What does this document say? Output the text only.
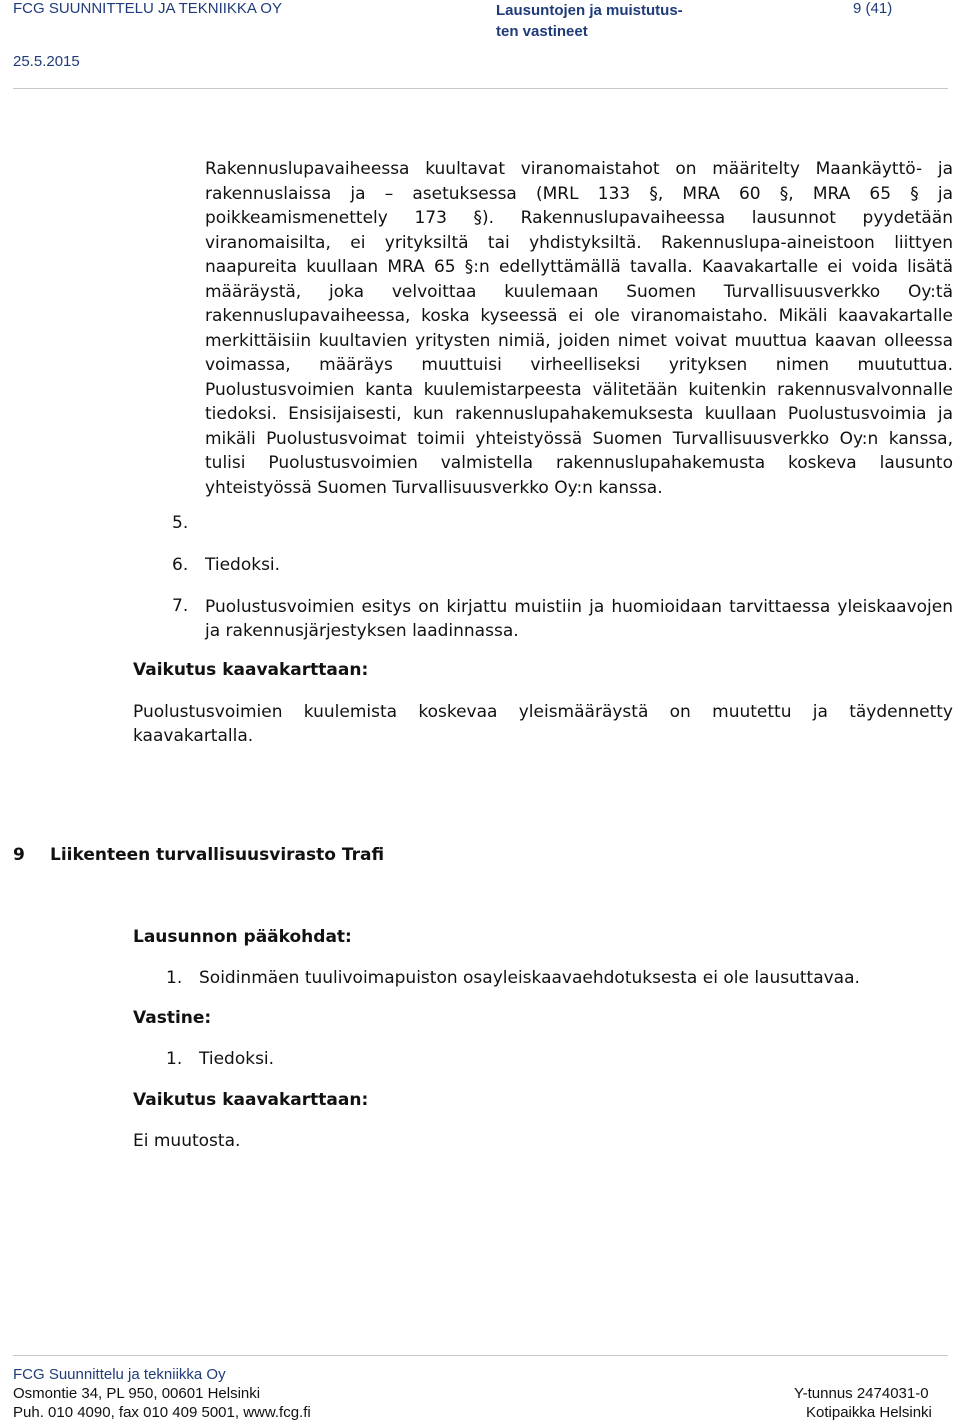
FCG SUUNNITTELU JA TEKNIIKKA OY	Lausuntojen ja muistutus-
ten vastineet
9 (41)
25.5.2015

Rakennuslupavaiheessa kuultavat viranomaistahot on määritelty Maankäyttö- ja rakennuslaissa ja – asetuksessa (MRL 133 §, MRA 60 §, MRA 65 § ja poikkeamismenettely 173 §). Rakennuslupavaiheessa lausunnot pyydetään viranomaisilta, ei yrityksiltä tai yhdistyksiltä. Rakennuslupa-aineistoon liittyen naapureita kuullaan MRA 65 §:n edellyttämällä tavalla. Kaavakartalle ei voida lisätä määräystä, joka velvoittaa kuulemaan Suomen Turvallisuusverkko Oy:tä rakennuslupavaiheessa, koska kyseessä ei ole viranomaistaho. Mikäli kaavakartalle merkittäisiin kuultavien yritysten nimiä, joiden nimet voivat muuttua kaavan olleessa voimassa, määräys muuttuisi virheelliseksi yrityksen nimen muututtua. Puolustusvoimien kanta kuulemistarpeesta välitetään kuitenkin rakennusvalvonnalle tiedoksi. Ensisijaisesti, kun rakennuslupahakemuksesta kuullaan Puolustusvoimia ja mikäli Puolustusvoimat toimii yhteistyössä Suomen Turvallisuusverkko Oy:n kanssa, tulisi Puolustusvoimien valmistella rakennuslupahakemusta koskeva lausunto yhteistyössä Suomen Turvallisuusverkko Oy:n kanssa.

5.
6. Tiedoksi.
7. Puolustusvoimien esitys on kirjattu muistiin ja huomioidaan tarvittaessa yleiskaavojen ja rakennusjärjestyksen laadinnassa.

Vaikutus kaavakarttaan:

Puolustusvoimien kuulemista koskevaa yleismääräystä on muutettu ja täydennetty kaavakartalla.

9 Liikenteen turvallisuusvirasto Trafi
Lausunnon pääkohdat:
1. Soidinmäen tuulivoimapuiston osayleiskaavaehdotuksesta ei ole lausuttavaa.
Vastine:
1. Tiedoksi.
Vaikutus kaavakarttaan:
Ei muutosta.
FCG Suunnittelu ja tekniikka Oy
Osmontie 34, PL 950, 00601 Helsinki
Puh. 010 4090, fax 010 409 5001, www.fcg.fi
Y-tunnus 2474031-0
Kotipaikka Helsinki
